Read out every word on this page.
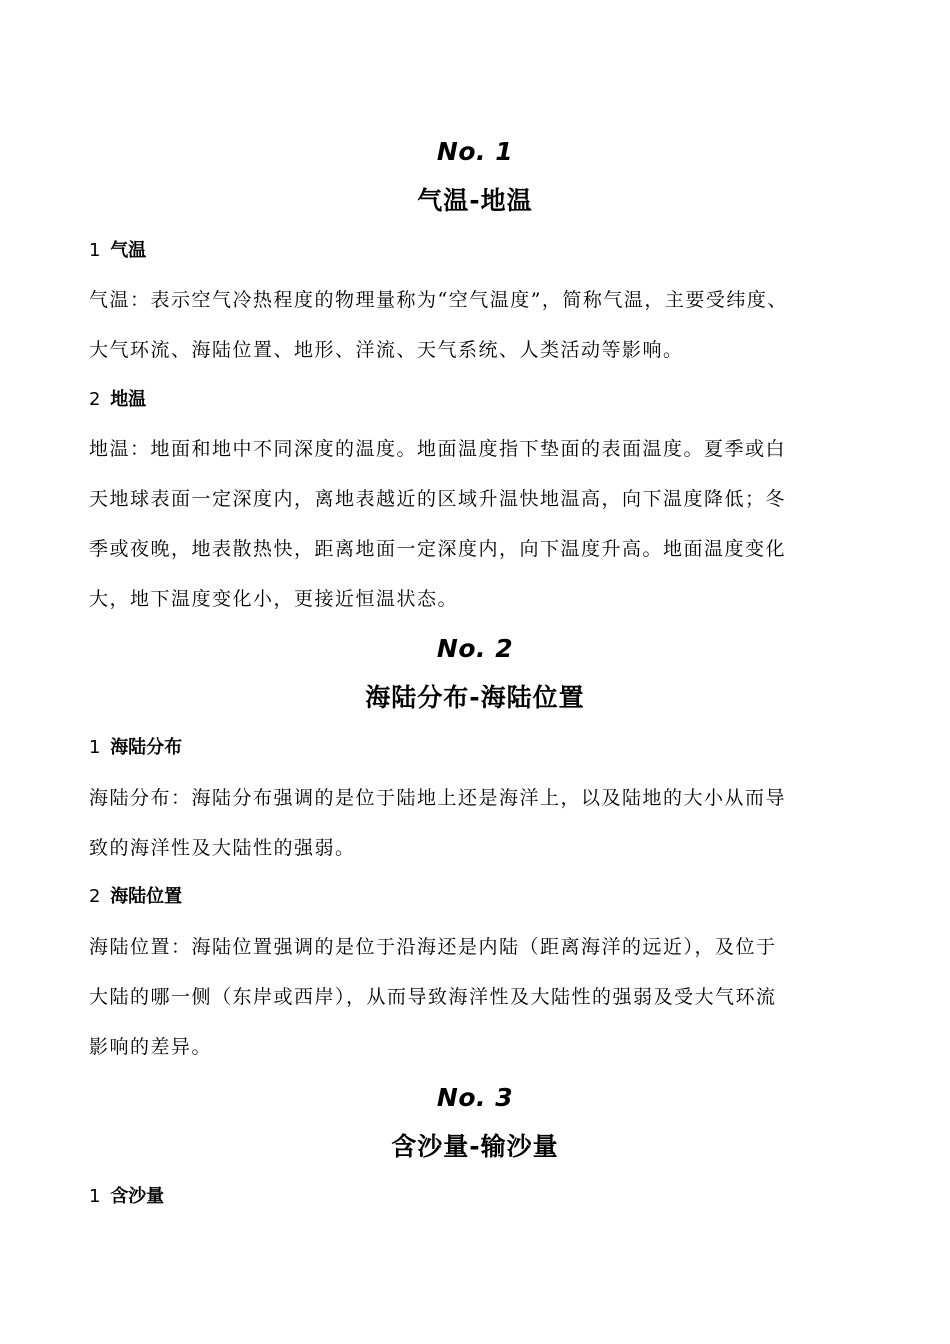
No. 1
气温-地温
1 气温
气温：表示空气冷热程度的物理量称为“空气温度”，简称气温，主要受纬度、
大气环流、海陆位置、地形、洋流、天气系统、人类活动等影响。
2 地温
地温：地面和地中不同深度的温度。地面温度指下垫面的表面温度。夏季或白
天地球表面一定深度内，离地表越近的区域升温快地温高，向下温度降低；冬
季或夜晚，地表散热快，距离地面一定深度内，向下温度升高。地面温度变化
大，地下温度变化小，更接近恒温状态。
No. 2
海陆分布-海陆位置
1 海陆分布
海陆分布：海陆分布强调的是位于陆地上还是海洋上，以及陆地的大小从而导
致的海洋性及大陆性的强弱。
2 海陆位置
海陆位置：海陆位置强调的是位于沿海还是内陆（距离海洋的远近），及位于
大陆的哪一侧（东岸或西岸），从而导致海洋性及大陆性的强弱及受大气环流
影响的差异。
No. 3
含沙量-输沙量
1 含沙量
